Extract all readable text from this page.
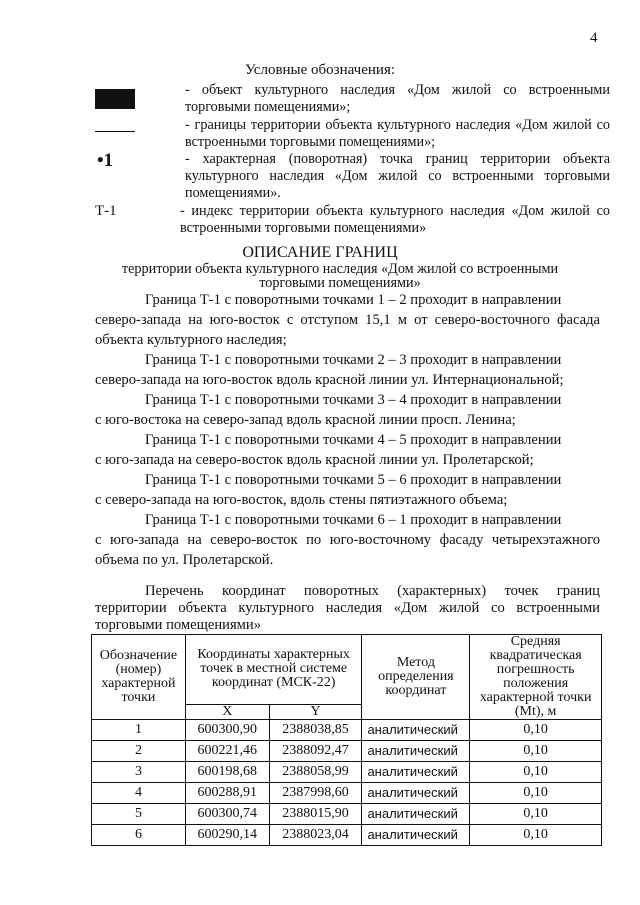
4
Условные обозначения:
- объект культурного наследия «Дом жилой со встроенными торговыми помещениями»;
- границы территории объекта культурного наследия «Дом жилой со встроенными торговыми помещениями»;
•1	- характерная (поворотная) точка границ территории объекта культурного наследия «Дом жилой со встроенными торговыми помещениями».
Т-1	- индекс территории объекта культурного наследия «Дом жилой со встроенными торговыми помещениями»
ОПИСАНИЕ ГРАНИЦ
территории объекта культурного наследия «Дом жилой со встроенными торговыми помещениями»
Граница Т-1 с поворотными точками 1 – 2 проходит в направлении
северо-запада на юго-восток с отступом 15,1 м от северо-восточного фасада объекта культурного наследия;
Граница Т-1 с поворотными точками 2 – 3 проходит в направлении
северо-запада на юго-восток вдоль красной линии ул. Интернациональной;
Граница Т-1 с поворотными точками 3 – 4 проходит в направлении
с юго-востока на северо-запад вдоль красной линии просп. Ленина;
Граница Т-1 с поворотными точками 4 – 5 проходит в направлении
с юго-запада на северо-восток вдоль красной линии ул. Пролетарской;
Граница Т-1 с поворотными точками 5 – 6 проходит в направлении
с северо-запада на юго-восток, вдоль стены пятиэтажного объема;
Граница Т-1 с поворотными точками 6 – 1 проходит в направлении
с юго-запада на северо-восток по юго-восточному фасаду четырехэтажного объема по ул. Пролетарской.
Перечень координат поворотных (характерных) точек границ территории объекта культурного наследия «Дом жилой со встроенными торговыми помещениями»
Обозначение (номер) характерной точки	Координаты характерных точек в местной системе координат (МСК-22)		Метод определения координат	Средняя квадратическая погрешность положения характерной точки (Mt), м
	X	Y		
1	600300,90	2388038,85	аналитический	0,10
2	600221,46	2388092,47	аналитический	0,10
3	600198,68	2388058,99	аналитический	0,10
4	600288,91	2387998,60	аналитический	0,10
5	600300,74	2388015,90	аналитический	0,10
6	600290,14	2388023,04	аналитический	0,10
